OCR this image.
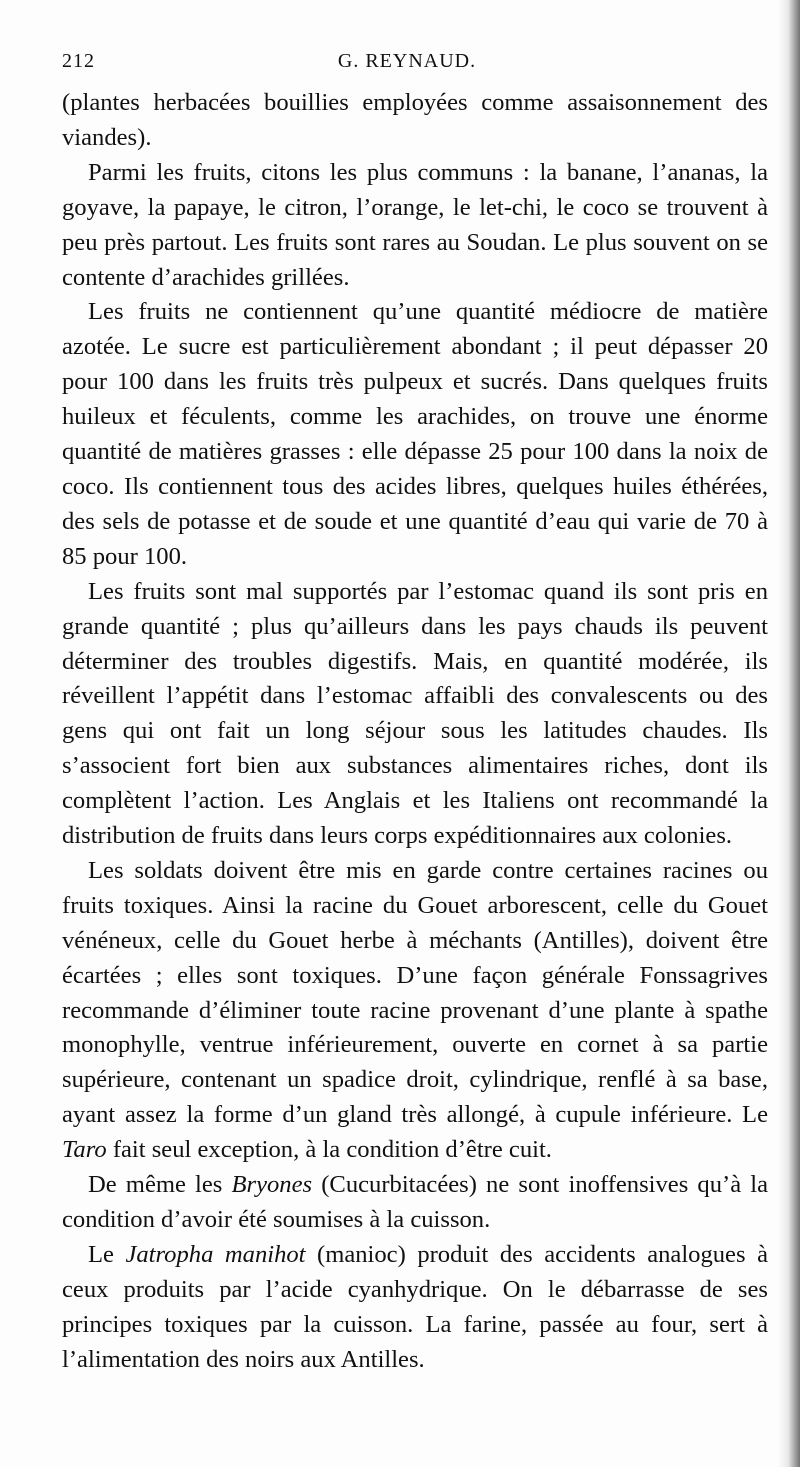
212	G. REYNAUD.

(plantes herbacées bouillies employées comme assaisonnement des viandes).

Parmi les fruits, citons les plus communs : la banane, l’ananas, la goyave, la papaye, le citron, l’orange, le let-chi, le coco se trouvent à peu près partout. Les fruits sont rares au Soudan. Le plus souvent on se contente d’arachides grillées.

Les fruits ne contiennent qu’une quantité médiocre de matière azotée. Le sucre est particulièrement abondant ; il peut dépasser 20 pour 100 dans les fruits très pulpeux et sucrés. Dans quelques fruits huileux et féculents, comme les arachides, on trouve une énorme quantité de matières grasses : elle dépasse 25 pour 100 dans la noix de coco. Ils contiennent tous des acides libres, quelques huiles éthérées, des sels de potasse et de soude et une quantité d’eau qui varie de 70 à 85 pour 100.

Les fruits sont mal supportés par l’estomac quand ils sont pris en grande quantité ; plus qu’ailleurs dans les pays chauds ils peuvent déterminer des troubles digestifs. Mais, en quantité modérée, ils réveillent l’appétit dans l’estomac affaibli des convalescents ou des gens qui ont fait un long séjour sous les latitudes chaudes. Ils s’associent fort bien aux substances alimentaires riches, dont ils complètent l’action. Les Anglais et les Italiens ont recommandé la distribution de fruits dans leurs corps expéditionnaires aux colonies.

Les soldats doivent être mis en garde contre certaines racines ou fruits toxiques. Ainsi la racine du Gouet arborescent, celle du Gouet vénéneux, celle du Gouet herbe à méchants (Antilles), doivent être écartées ; elles sont toxiques. D’une façon générale Fonssagrives recommande d’éliminer toute racine provenant d’une plante à spathe monophylle, ventrue inférieurement, ouverte en cornet à sa partie supérieure, contenant un spadice droit, cylindrique, renflé à sa base, ayant assez la forme d’un gland très allongé, à cupule inférieure. Le Taro fait seul exception, à la condition d’être cuit.

De même les Bryones (Cucurbitacées) ne sont inoffensives qu’à la condition d’avoir été soumises à la cuisson.

Le Jatropha manihot (manioc) produit des accidents analogues à ceux produits par l’acide cyanhydrique. On le débarrasse de ses principes toxiques par la cuisson. La farine, passée au four, sert à l’alimentation des noirs aux Antilles.
